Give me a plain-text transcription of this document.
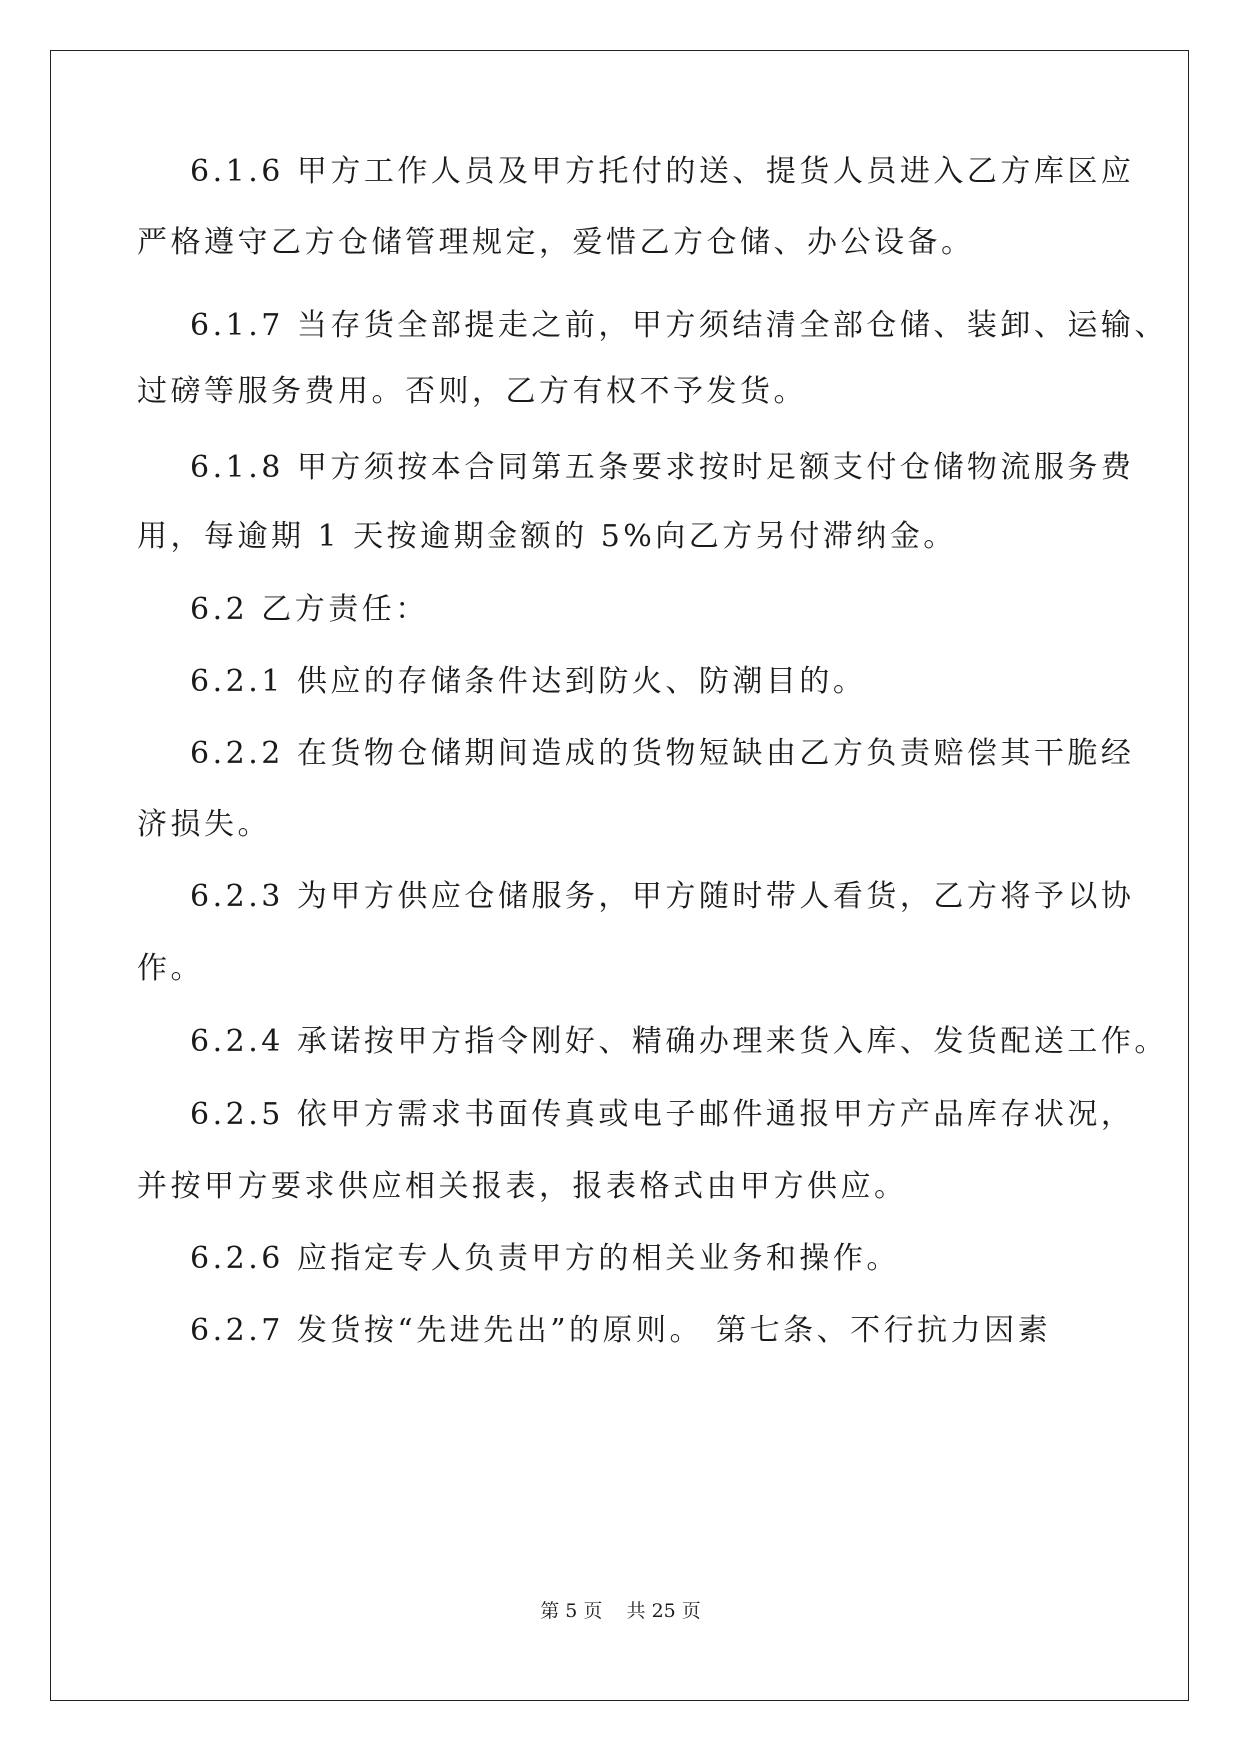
6.1.6 甲方工作人员及甲方托付的送、提货人员进入乙方库区应
严格遵守乙方仓储管理规定，爱惜乙方仓储、办公设备。
6.1.7 当存货全部提走之前，甲方须结清全部仓储、装卸、运输、
过磅等服务费用。否则，乙方有权不予发货。
6.1.8 甲方须按本合同第五条要求按时足额支付仓储物流服务费
用，每逾期 1 天按逾期金额的 5%向乙方另付滞纳金。
6.2 乙方责任：
6.2.1 供应的存储条件达到防火、防潮目的。
6.2.2 在货物仓储期间造成的货物短缺由乙方负责赔偿其干脆经
济损失。
6.2.3 为甲方供应仓储服务，甲方随时带人看货，乙方将予以协
作。
6.2.4 承诺按甲方指令刚好、精确办理来货入库、发货配送工作。
6.2.5 依甲方需求书面传真或电子邮件通报甲方产品库存状况，
并按甲方要求供应相关报表，报表格式由甲方供应。
6.2.6 应指定专人负责甲方的相关业务和操作。
6.2.7 发货按“先进先出”的原则。 第七条、不行抗力因素
第 5 页    共 25 页
